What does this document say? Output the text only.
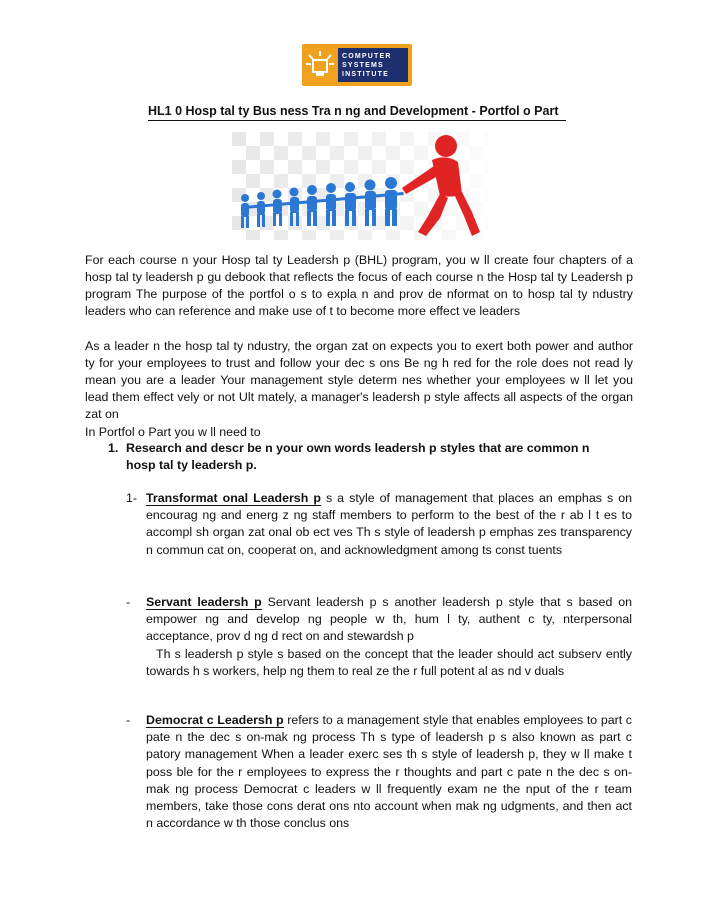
COMPUTER
SYSTEMS
INSTITUTE
HL1 0 Hosp tal ty Bus ness Tra n ng and Development - Portfol o Part

For each course n your Hosp tal ty Leadersh p (BHL) program, you w ll create four chapters of a hosp tal ty leadersh p gu debook that reflects the focus of each course n the Hosp tal ty Leadersh p program The purpose of the portfol o s to expla n and prov de nformat on to hosp tal ty ndustry leaders who can reference and make use of t to become more effect ve leaders

As a leader n the hosp tal ty ndustry, the organ zat on expects you to exert both power and author ty for your employees to trust and follow your dec s ons Be ng h red for the role does not read ly mean you are a leader Your management style determ nes whether your employees w ll let you lead them effect vely or not Ult mately, a manager's leadersh p style affects all aspects of the organ zat on

In Portfol o Part you w ll need to

1. Research and descr be n your own words leadersh p styles that are common n hosp tal ty leadersh p.
1- Transformat onal Leadersh p s a style of management that places an emphas s on encourag ng and energ z ng staff members to perform to the best of the r ab l t es to accompl sh organ zat onal ob ect ves Th s style of leadersh p emphas zes transparency n commun cat on, cooperat on, and acknowledgment among ts const tuents
- Servant leadersh p Servant leadersh p s another leadersh p style that s based on empower ng and develop ng people w th, hum l ty, authent c ty, nterpersonal acceptance, prov d ng d rect on and stewardsh p
Th s leadersh p style s based on the concept that the leader should act subserv ently towards h s workers, help ng them to real ze the r full potent al as nd v duals
- Democrat c Leadersh p refers to a management style that enables employees to part c pate n the dec s on-mak ng process Th s type of leadersh p s also known as part c patory management When a leader exerc ses th s style of leadersh p, they w ll make t poss ble for the r employees to express the r thoughts and part c pate n the dec s on-mak ng process Democrat c leaders w ll frequently exam ne the nput of the r team members, take those cons derat ons nto account when mak ng udgments, and then act n accordance w th those conclus ons
